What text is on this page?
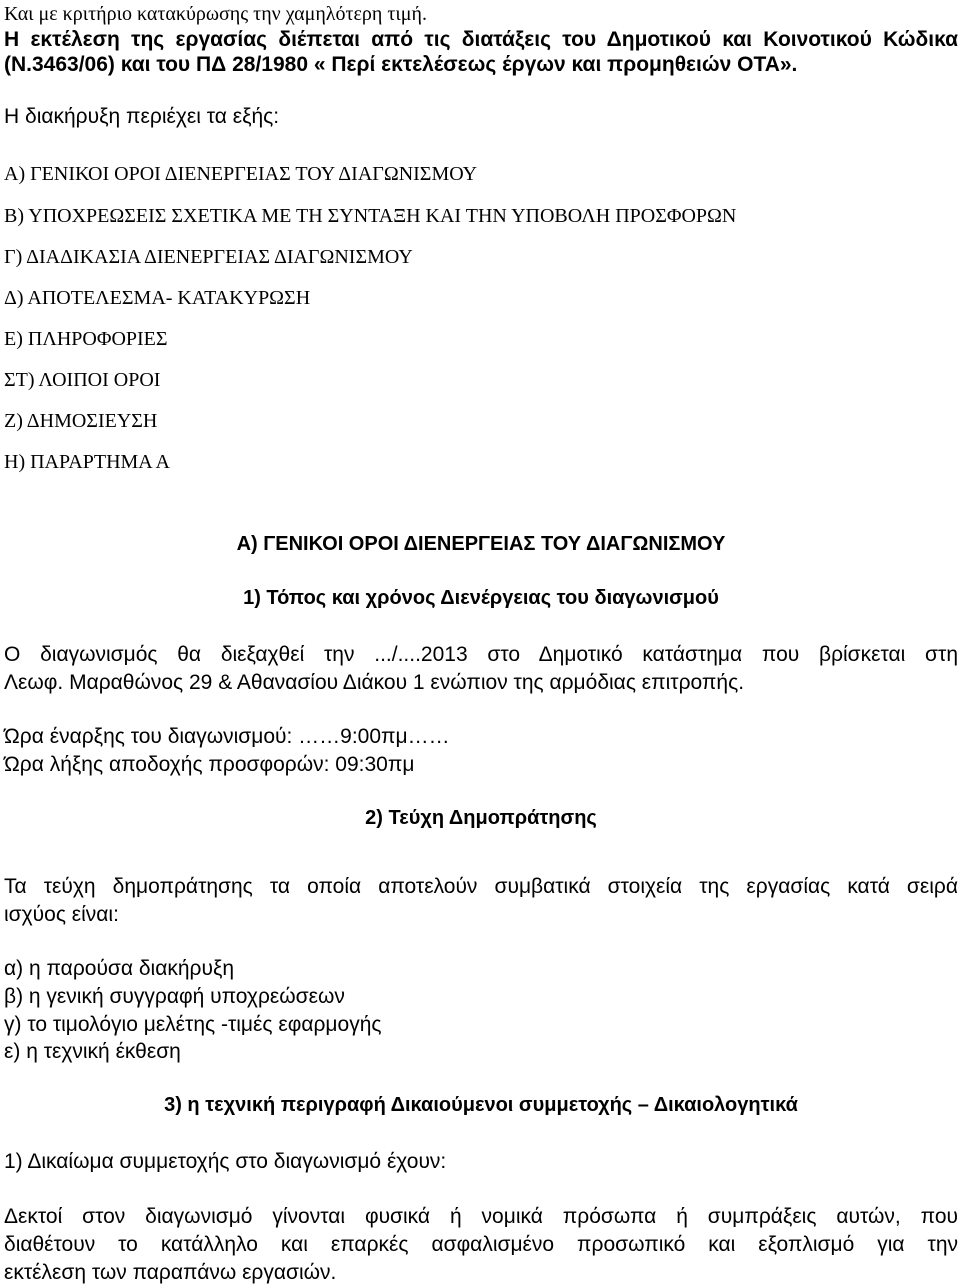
Και με κριτήριο κατακύρωσης την χαμηλότερη τιμή.

Η εκτέλεση της εργασίας διέπεται από τις διατάξεις του Δημοτικού και Κοινοτικού Κώδικα (Ν.3463/06) και του ΠΔ 28/1980 « Περί εκτελέσεως έργων και προμηθειών ΟΤΑ».

Η διακήρυξη περιέχει τα εξής:

Α) ΓΕΝΙΚΟΙ ΟΡΟΙ ΔΙΕΝΕΡΓΕΙΑΣ ΤΟΥ ΔΙΑΓΩΝΙΣΜΟΥ

Β) ΥΠΟΧΡΕΩΣΕΙΣ ΣΧΕΤΙΚΑ ΜΕ ΤΗ ΣΥΝΤΑΞΗ ΚΑΙ ΤΗΝ ΥΠΟΒΟΛΗ ΠΡΟΣΦΟΡΩΝ

Γ) ΔΙΑΔΙΚΑΣΙΑ ΔΙΕΝΕΡΓΕΙΑΣ ΔΙΑΓΩΝΙΣΜΟΥ

Δ) ΑΠΟΤΕΛΕΣΜΑ- ΚΑΤΑΚΥΡΩΣΗ

Ε) ΠΛΗΡΟΦΟΡΙΕΣ

ΣΤ) ΛΟΙΠΟΙ ΟΡΟΙ

Ζ) ΔΗΜΟΣΙΕΥΣΗ

Η) ΠΑΡΑΡΤΗΜΑ Α

Α) ΓΕΝΙΚΟΙ ΟΡΟΙ ΔΙΕΝΕΡΓΕΙΑΣ ΤΟΥ ΔΙΑΓΩΝΙΣΜΟΥ

1) Τόπος και χρόνος Διενέργειας του διαγωνισμού

Ο διαγωνισμός θα διεξαχθεί την .../....2013 στο Δημοτικό κατάστημα που βρίσκεται στη

Λεωφ. Μαραθώνος 29 & Αθανασίου Διάκου 1 ενώπιον της αρμόδιας επιτροπής.

Ώρα έναρξης του διαγωνισμού: ……9:00πμ……

Ώρα λήξης αποδοχής προσφορών: 09:30πμ

2) Τεύχη Δημοπράτησης

Τα τεύχη δημοπράτησης τα οποία αποτελούν συμβατικά στοιχεία της εργασίας κατά σειρά

ισχύος είναι:

α) η παρούσα διακήρυξη

β) η γενική συγγραφή υποχρεώσεων

γ) το τιμολόγιο μελέτης -τιμές εφαρμογής

ε) η τεχνική έκθεση

3) η τεχνική περιγραφή Δικαιούμενοι συμμετοχής – Δικαιολογητικά

1) Δικαίωμα συμμετοχής στο διαγωνισμό έχουν:

Δεκτοί στον διαγωνισμό γίνονται φυσικά ή νομικά πρόσωπα ή συμπράξεις αυτών, που

διαθέτουν το κατάλληλο και επαρκές ασφαλισμένο προσωπικό και εξοπλισμό για την

εκτέλεση των παραπάνω εργασιών.
